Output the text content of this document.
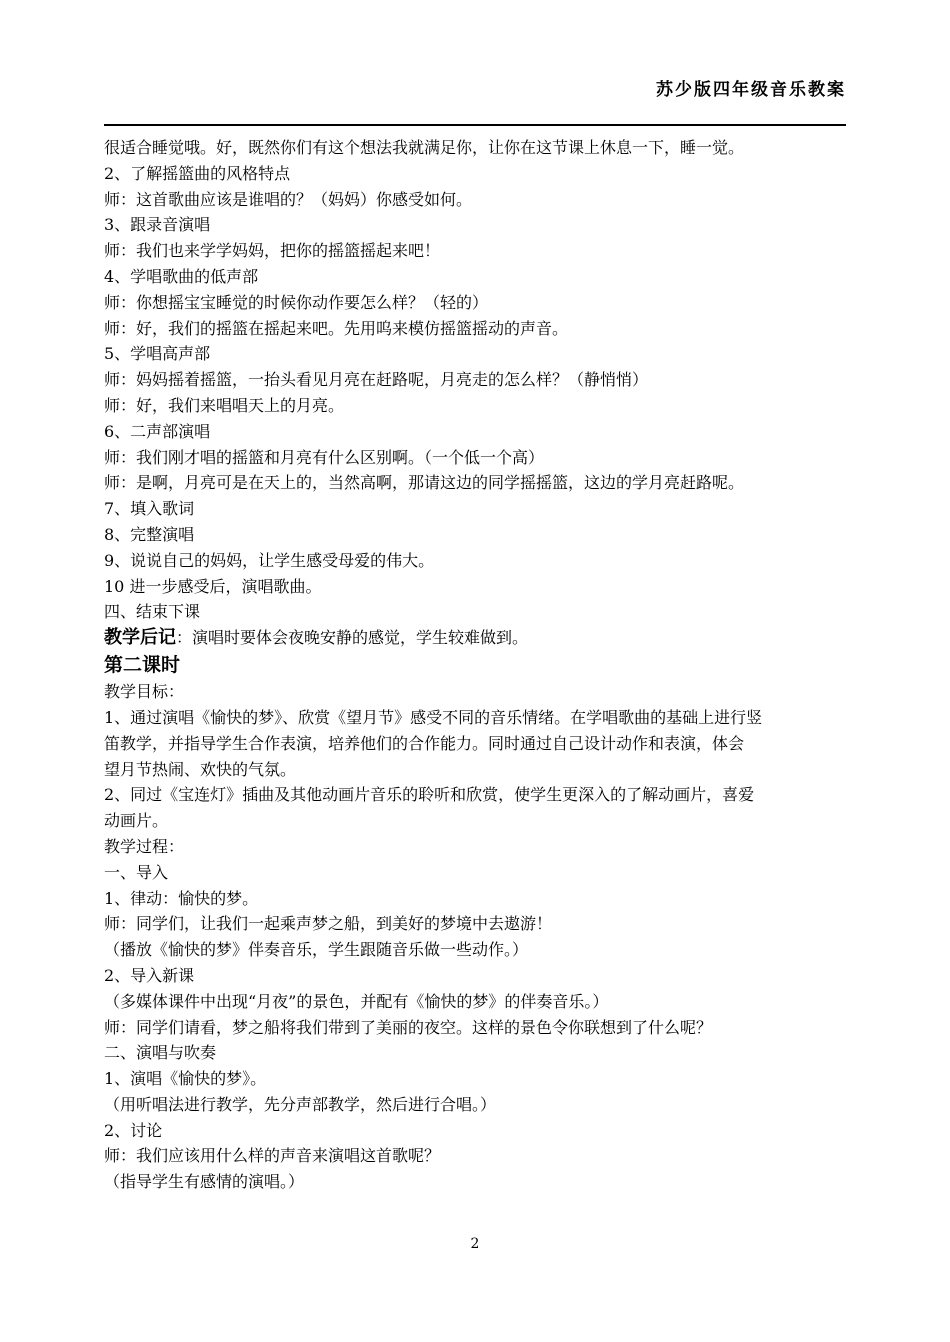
苏少版四年级音乐教案
很适合睡觉哦。好，既然你们有这个想法我就满足你，让你在这节课上休息一下，睡一觉。
2、了解摇篮曲的风格特点
师：这首歌曲应该是谁唱的？（妈妈）你感受如何。
3、跟录音演唱
师：我们也来学学妈妈，把你的摇篮摇起来吧！
4、学唱歌曲的低声部
师：你想摇宝宝睡觉的时候你动作要怎么样？（轻的）
师：好，我们的摇篮在摇起来吧。先用呜来模仿摇篮摇动的声音。
5、学唱高声部
师：妈妈摇着摇篮，一抬头看见月亮在赶路呢，月亮走的怎么样？（静悄悄）
师：好，我们来唱唱天上的月亮。
6、二声部演唱
师：我们刚才唱的摇篮和月亮有什么区别啊。（一个低一个高）
师：是啊，月亮可是在天上的，当然高啊，那请这边的同学摇摇篮，这边的学月亮赶路呢。
7、填入歌词
8、完整演唱
9、说说自己的妈妈，让学生感受母爱的伟大。
10 进一步感受后，演唱歌曲。
四、结束下课
教学后记：演唱时要体会夜晚安静的感觉，学生较难做到。
第二课时
教学目标：
1、通过演唱《愉快的梦》、欣赏《望月节》感受不同的音乐情绪。在学唱歌曲的基础上进行竖
笛教学，并指导学生合作表演，培养他们的合作能力。同时通过自己设计动作和表演，体会
望月节热闹、欢快的气氛。
2、同过《宝连灯》插曲及其他动画片音乐的聆听和欣赏，使学生更深入的了解动画片，喜爱
动画片。
教学过程：
一、导入
1、律动：愉快的梦。
师：同学们，让我们一起乘声梦之船，到美好的梦境中去遨游！
（播放《愉快的梦》伴奏音乐，学生跟随音乐做一些动作。）
2、导入新课
（多媒体课件中出现“月夜”的景色，并配有《愉快的梦》的伴奏音乐。）
师：同学们请看，梦之船将我们带到了美丽的夜空。这样的景色令你联想到了什么呢？
二、演唱与吹奏
1、演唱《愉快的梦》。
（用听唱法进行教学，先分声部教学，然后进行合唱。）
2、讨论
师：我们应该用什么样的声音来演唱这首歌呢？
（指导学生有感情的演唱。）
2
